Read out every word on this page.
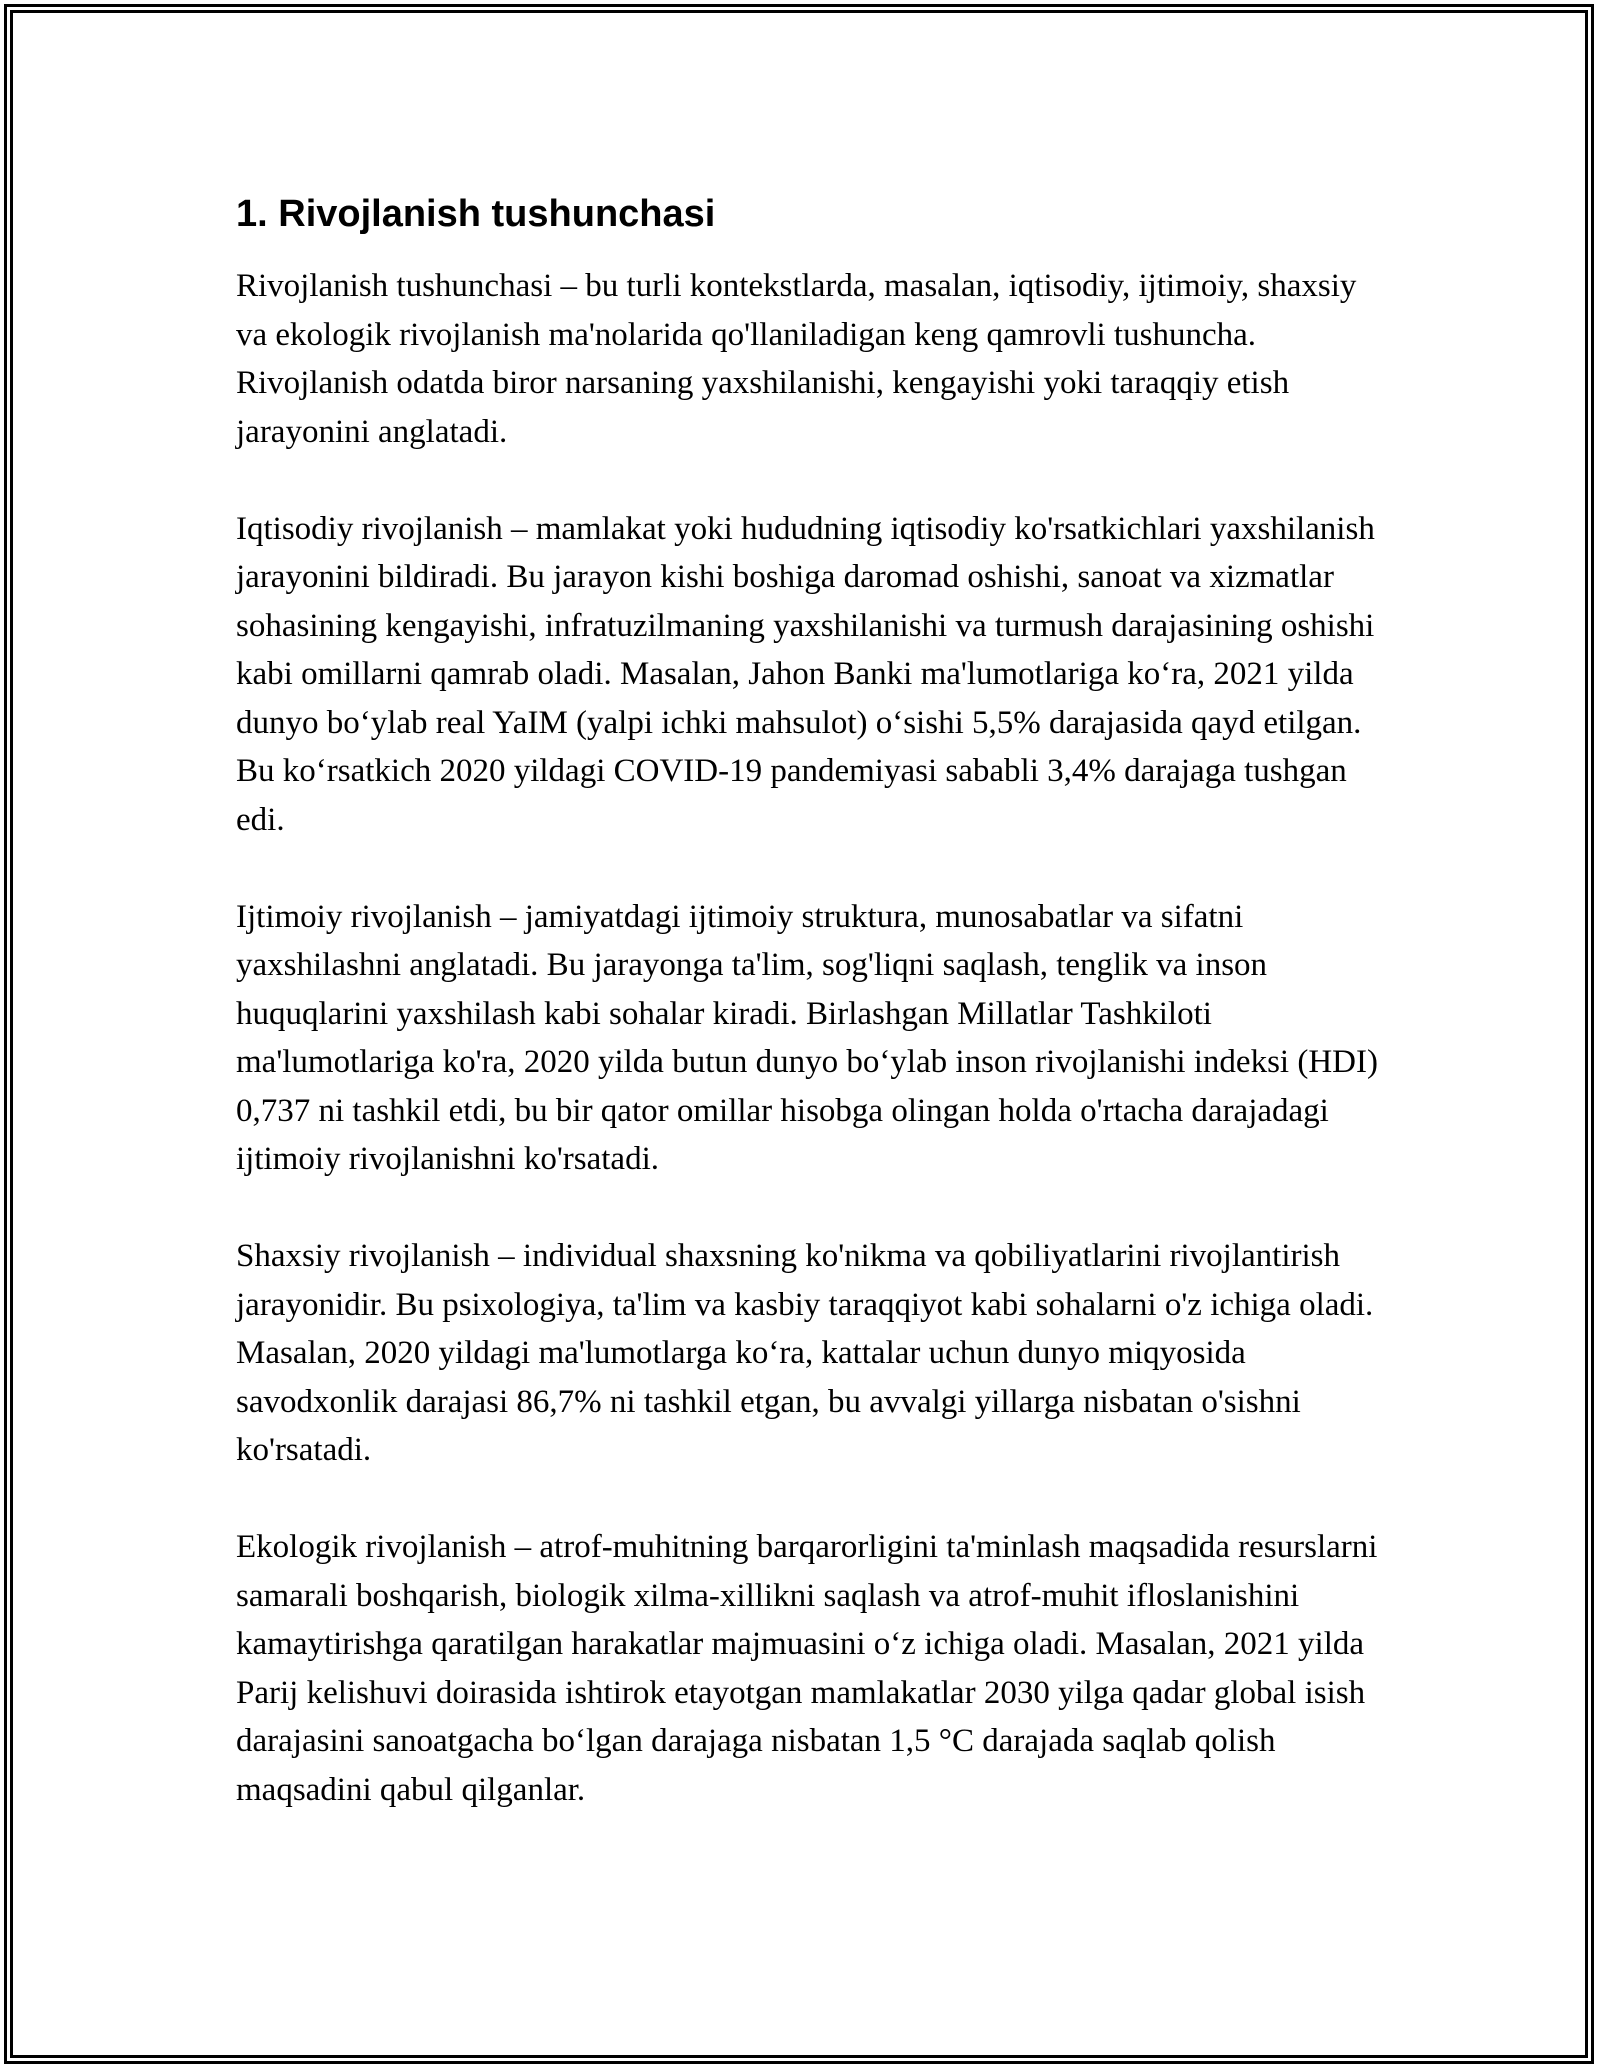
1. Rivojlanish tushunchasi

Rivojlanish tushunchasi – bu turli kontekstlarda, masalan, iqtisodiy, ijtimoiy, shaxsiy va ekologik rivojlanish ma'nolarida qo'llaniladigan keng qamrovli tushuncha. Rivojlanish odatda biror narsaning yaxshilanishi, kengayishi yoki taraqqiy etish jarayonini anglatadi.

Iqtisodiy rivojlanish – mamlakat yoki hududning iqtisodiy ko'rsatkichlari yaxshilanish jarayonini bildiradi. Bu jarayon kishi boshiga daromad oshishi, sanoat va xizmatlar sohasining kengayishi, infratuzilmaning yaxshilanishi va turmush darajasining oshishi kabi omillarni qamrab oladi. Masalan, Jahon Banki ma'lumotlariga ko‘ra, 2021 yilda dunyo bo‘ylab real YaIM (yalpi ichki mahsulot) o‘sishi 5,5% darajasida qayd etilgan. Bu ko‘rsatkich 2020 yildagi COVID-19 pandemiyasi sababli 3,4% darajaga tushgan edi.

Ijtimoiy rivojlanish – jamiyatdagi ijtimoiy struktura, munosabatlar va sifatni yaxshilashni anglatadi. Bu jarayonga ta'lim, sog'liqni saqlash, tenglik va inson huquqlarini yaxshilash kabi sohalar kiradi. Birlashgan Millatlar Tashkiloti ma'lumotlariga ko'ra, 2020 yilda butun dunyo bo‘ylab inson rivojlanishi indeksi (HDI) 0,737 ni tashkil etdi, bu bir qator omillar hisobga olingan holda o'rtacha darajadagi ijtimoiy rivojlanishni ko'rsatadi.

Shaxsiy rivojlanish – individual shaxsning ko'nikma va qobiliyatlarini rivojlantirish jarayonidir. Bu psixologiya, ta'lim va kasbiy taraqqiyot kabi sohalarni o'z ichiga oladi. Masalan, 2020 yildagi ma'lumotlarga ko‘ra, kattalar uchun dunyo miqyosida savodxonlik darajasi 86,7% ni tashkil etgan, bu avvalgi yillarga nisbatan o'sishni ko'rsatadi.

Ekologik rivojlanish – atrof-muhitning barqarorligini ta'minlash maqsadida resurslarni samarali boshqarish, biologik xilma-xillikni saqlash va atrof-muhit ifloslanishini kamaytirishga qaratilgan harakatlar majmuasini o‘z ichiga oladi. Masalan, 2021 yilda Parij kelishuvi doirasida ishtirok etayotgan mamlakatlar 2030 yilga qadar global isish darajasini sanoatgacha bo‘lgan darajaga nisbatan 1,5 °C darajada saqlab qolish maqsadini qabul qilganlar.
